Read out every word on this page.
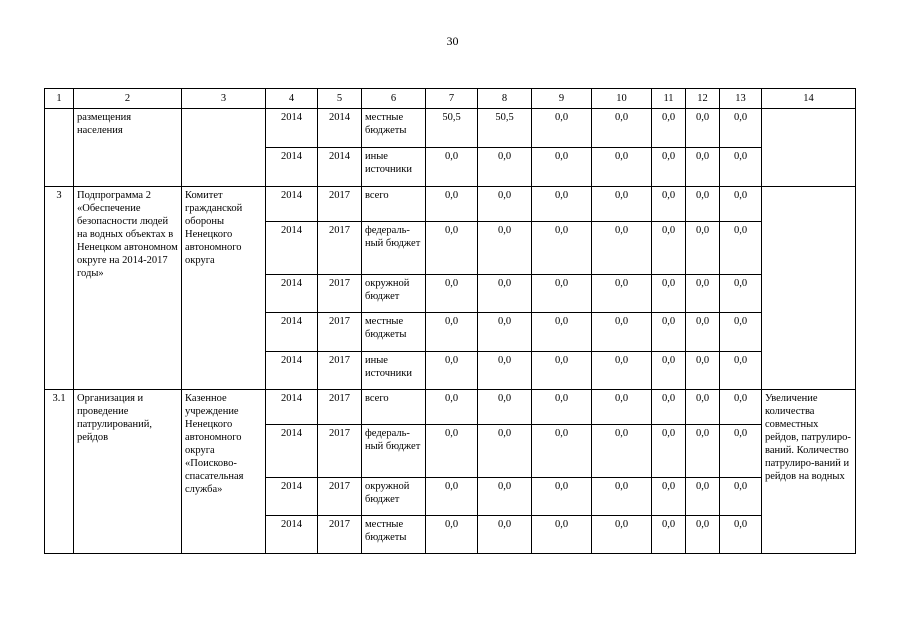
30
1	2	3	4	5	6	7	8	9	10	11	12	13	14
	размещения населения		2014	2014	местные бюджеты	50,5	50,5	0,0	0,0	0,0	0,0	0,0	
			2014	2014	иные источники	0,0	0,0	0,0	0,0	0,0	0,0	0,0	
3	Подпрограмма 2 «Обеспечение безопасности людей на водных объектах в Ненецком автономном округе на 2014-2017 годы»	Комитет гражданской обороны Ненецкого автономного округа	2014	2017	всего	0,0	0,0	0,0	0,0	0,0	0,0	0,0	
			2014	2017	федераль-ный бюджет	0,0	0,0	0,0	0,0	0,0	0,0	0,0	
			2014	2017	окружной бюджет	0,0	0,0	0,0	0,0	0,0	0,0	0,0	
			2014	2017	местные бюджеты	0,0	0,0	0,0	0,0	0,0	0,0	0,0	
			2014	2017	иные источники	0,0	0,0	0,0	0,0	0,0	0,0	0,0	
3.1	Организация и проведение патрулирований, рейдов	Казенное учреждение Ненецкого автономного округа «Поисково-спасательная служба»	2014	2017	всего	0,0	0,0	0,0	0,0	0,0	0,0	0,0	Увеличение количества совместных рейдов, патрулиро-ваний. Количество патрулиро-ваний и рейдов на водных
			2014	2017	федераль-ный бюджет	0,0	0,0	0,0	0,0	0,0	0,0	0,0	
			2014	2017	окружной бюджет	0,0	0,0	0,0	0,0	0,0	0,0	0,0	
			2014	2017	местные бюджеты	0,0	0,0	0,0	0,0	0,0	0,0	0,0	
